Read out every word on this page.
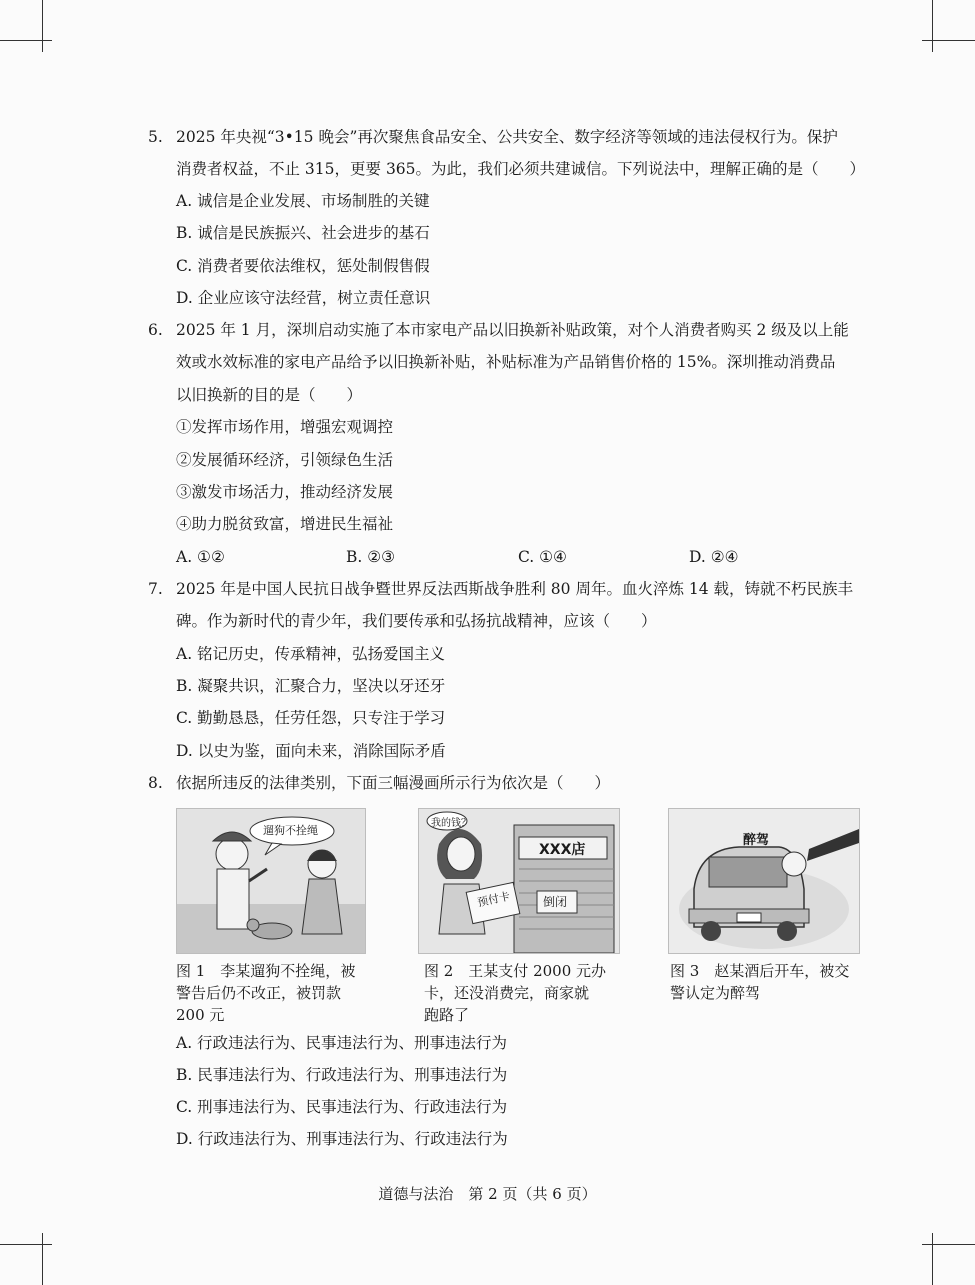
5. 2025 年央视“3•15 晚会”再次聚焦食品安全、公共安全、数字经济等领域的违法侵权行为。保护
消费者权益，不止 315，更要 365。为此，我们必须共建诚信。下列说法中，理解正确的是（　　）
A. 诚信是企业发展、市场制胜的关键
B. 诚信是民族振兴、社会进步的基石
C. 消费者要依法维权，惩处制假售假
D. 企业应该守法经营，树立责任意识
6. 2025 年 1 月，深圳启动实施了本市家电产品以旧换新补贴政策，对个人消费者购买 2 级及以上能
效或水效标准的家电产品给予以旧换新补贴，补贴标准为产品销售价格的 15%。深圳推动消费品
以旧换新的目的是（　　）
①发挥市场作用，增强宏观调控
②发展循环经济，引领绿色生活
③激发市场活力，推动经济发展
④助力脱贫致富，增进民生福祉
A. ①②	B. ②③	C. ①④	D. ②④
7. 2025 年是中国人民抗日战争暨世界反法西斯战争胜利 80 周年。血火淬炼 14 载，铸就不朽民族丰
碑。作为新时代的青少年，我们要传承和弘扬抗战精神，应该（　　）
A. 铭记历史，传承精神，弘扬爱国主义
B. 凝聚共识，汇聚合力，坚决以牙还牙
C. 勤勤恳恳，任劳任怨，只专注于学习
D. 以史为鉴，面向未来，消除国际矛盾
8. 依据所违反的法律类别，下面三幅漫画所示行为依次是（　　）
遛狗不拴绳
图 1　李某遛狗不拴绳，被
警告后仍不改正，被罚款
200 元
我的钱？
XXX店
预付卡	倒闭
图 2　王某支付 2000 元办
卡，还没消费完，商家就
跑路了
醉驾
图 3　赵某酒后开车，被交
警认定为醉驾
A. 行政违法行为、民事违法行为、刑事违法行为
B. 民事违法行为、行政违法行为、刑事违法行为
C. 刑事违法行为、民事违法行为、行政违法行为
D. 行政违法行为、刑事违法行为、行政违法行为
道德与法治　第 2 页（共 6 页）
